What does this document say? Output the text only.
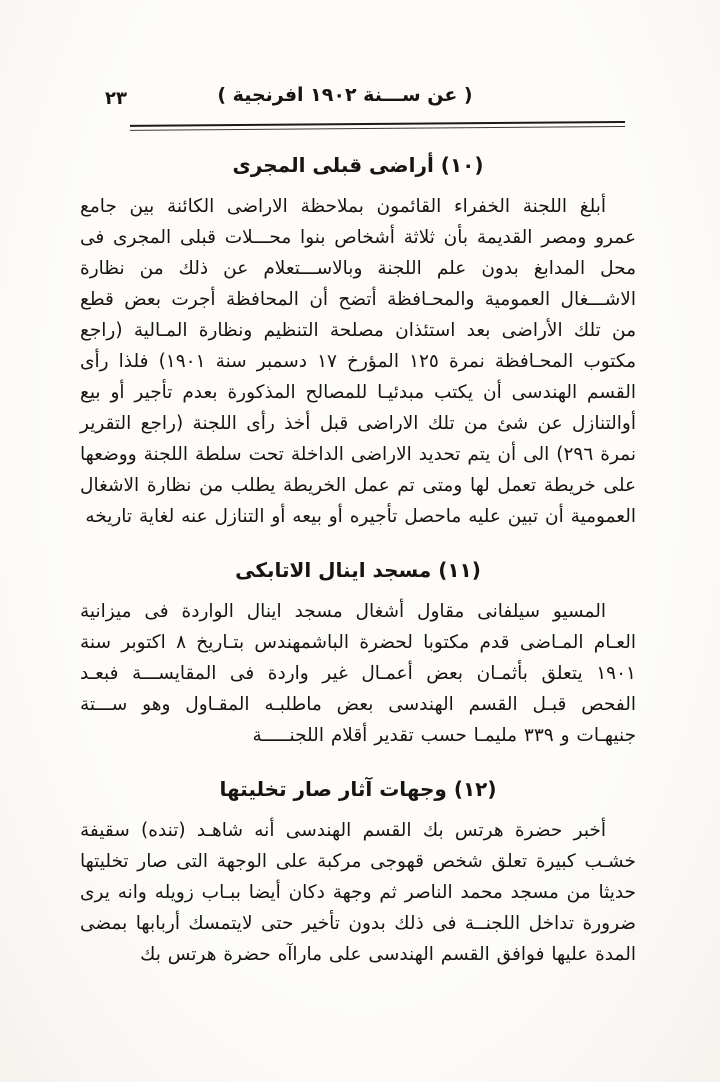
٢٣	( عن ســـنة ١٩٠٢ افرنجية )
(١٠) أراضى قبلى المجرى

أبلغ اللجنة الخفراء القائمون بملاحظة الاراضى الكائنة بين جامع عمرو ومصر القديمة بأن ثلاثة أشخاص بنوا محـــلات قبلى المجرى فى محل المدابغ بدون علم اللجنة وبالاســـتعلام عن ذلك من نظارة الاشـــغال العمومية والمحـافظة أتضح أن المحافظة أجرت بعض قطع من تلك الأراضى بعد استئذان مصلحة التنظيم ونظارة المـالية (راجع مكتوب المحـافظة نمرة ١٢٥ المؤرخ ١٧ دسمبر سنة ١٩٠١) فلذا رأى القسم الهندسى أن يكتب مبدئيـا للمصالح المذكورة بعدم تأجير أو بيع أوالتنازل عن شئ من تلك الاراضى قبل أخذ رأى اللجنة (راجع التقرير نمرة ٢٩٦) الى أن يتم تحديد الاراضى الداخلة تحت سلطة اللجنة ووضعها على خريطة تعمل لها ومتى تم عمل الخريطة يطلب من نظارة الاشغال العمومية أن تبين عليه ماحصل تأجيره أو بيعه أو التنازل عنه لغاية تاريخه

(١١) مسجد اينال الاتابكى

المسيو سيلفانى مقاول أشغال مسجد اينال الواردة فى ميزانية العـام المـاضى قدم مكتوبا لحضرة الباشمهندس بتـاريخ ٨ اكتوبر سنة ١٩٠١ يتعلق بأثمـان بعض أعمـال غير واردة فى المقايســـة فبعـد الفحص قبـل القسم الهندسى بعض ماطلبـه المقـاول وهو ســـتة جنيهـات و ٣٣٩ مليمـا حسب تقدير أقلام اللجنـــــة

(١٢) وجهات آثار صار تخليتها

أخبر حضرة هرتس بك القسم الهندسى أنه شاهـد (تنده) سقيفة خشـب كبيرة تعلق شخص قهوجى مركبة على الوجهة التى صار تخليتها حديثا من مسجد محمد الناصر ثم وجهة دكان أيضا ببـاب زويله وانه يرى ضرورة تداخل اللجنــة فى ذلك بدون تأخير حتى لايتمسك أربابها بمضى المدة عليها فوافق القسم الهندسى على ماراآه حضرة هرتس بك
